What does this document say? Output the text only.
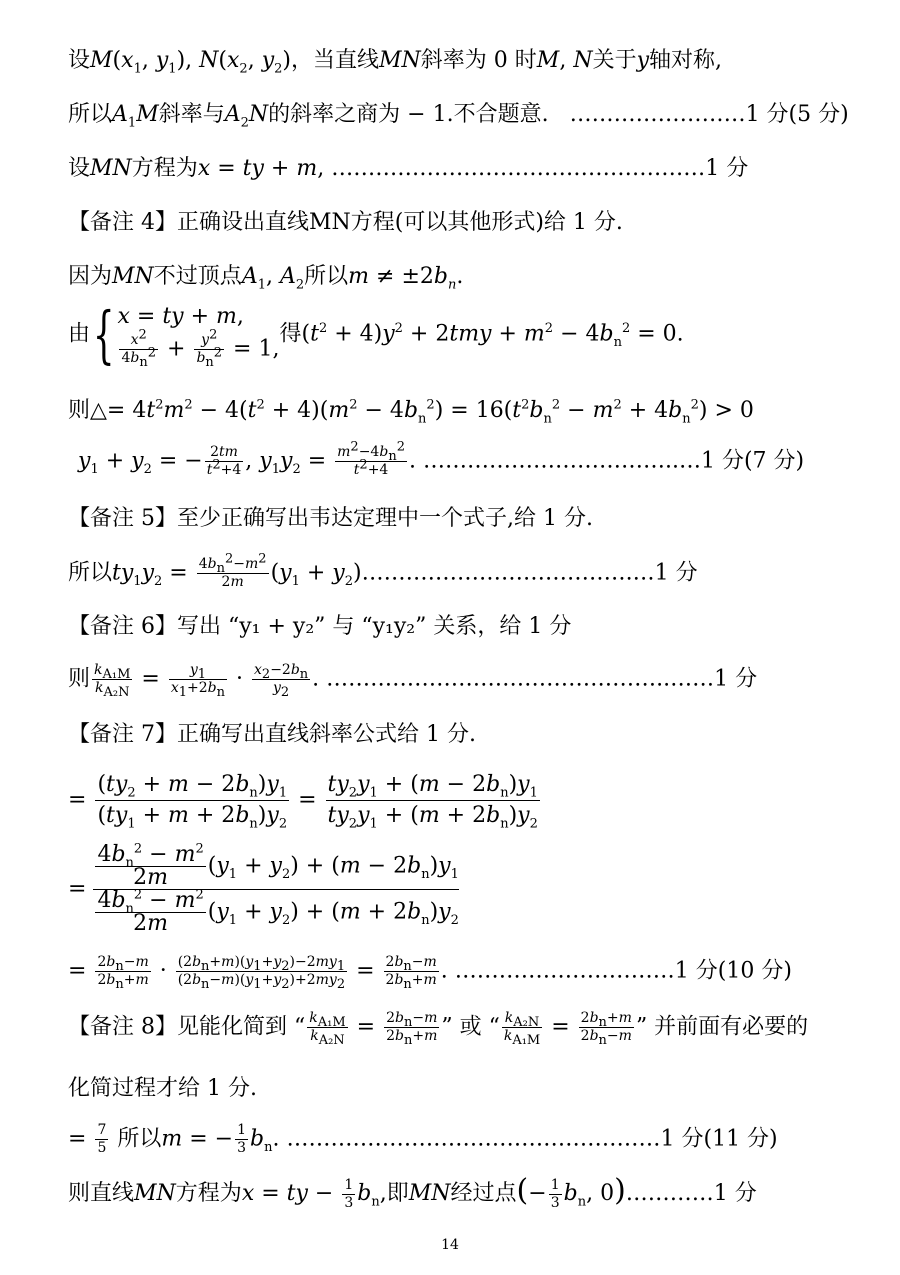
设$M(x_1$, $y_1$), $N(x_2$, $y_2$)，当直线MN斜率为 0 时M, N关于y轴对称,
所以$A_1M$斜率与$A_2N$的斜率之商为 − 1.不合题意. ……………………1 分(5 分)
设MN方程为x = ty + m, ……………………………………………1 分
【备注 4】正确设出直线MN方程(可以其他形式)给 1 分.
因为MN不过顶点$A_1$, $A_2$所以$m \ne \pm 2b_n$.
由{ x = ty + m,
$\frac{x^2}{4b_n^2} + \frac{y^2}{b_n^2} = 1$,
得$(t^2 + 4)y^2 + 2tmy + m^2 - 4b_n^2 = 0$.
则△= $4t^2m^2 - 4(t^2 + 4)(m^2 - 4b_n^2) = 16(t^2b_n^2 - m^2 + 4b_n^2) > 0$
$y_1 + y_2$ = − $\frac{2tm}{t^2+4}$ , $y_1y_2 = \frac{m^2-4b_n^2}{t^2+4}$ . ……………………………..…1 分(7 分)
【备注 5】至少正确写出韦达定理中一个式子,给 1 分.
所以$ty_1y_2 = \frac{4b_n^2-m^2}{2m} (y_1$ + $y_2)\dots\dots\dots\dots\dots\dots\dots\dots\dots\dots\dots\dots.\dots 1$ 分
【备注 6】写出 “y₁ + y₂” 与 “y₁y₂” 关系，给 1 分
则 $\frac{k_{A_1M}}{k_{A_2N}} = \frac{y_1}{x_1+2b_n} \cdot \frac{x_2-2b_n}{y_2}$ . ………………………………………..……1 分
【备注 7】正确写出直线斜率公式给 1 分.
= $\frac{(ty_2 + m - 2b_n)y_1}{(ty_1 + m + 2b_n)y_2} = \frac{ty_2y_1 + (m - 2b_n)y_1}{ty_2y_1 + (m + 2b_n)y_2}$
= $\frac{\frac{4b_n^2 - m^2}{2m} (y_1 + y_2) + (m - 2b_n)y_1}{\frac{4b_n^2 - m^2}{2m} (y_1 + y_2) + (m + 2b_n)y_2}$
= $\frac{2b_n-m}{2b_n+m} \cdot \frac{(2b_n+m)(y_1+y_2)-2my_1}{(2b_n-m)(y_1+y_2)+2my_2} = \frac{2b_n-m}{2b_n+m}$ . …………………………1 分(10 分)
【备注 8】见能化简到 “ $\frac{k_{A_1M}}{k_{A_2N}} = \frac{2b_n-m}{2b_n+m}$ ” 或 “ $\frac{k_{A_2N}}{k_{A_1M}} = \frac{2b_n+m}{2b_n-m}$ ” 并前面有必要的
化简过程才给 1 分.
= $\frac{7}{5}$ 所以m = − $\frac{1}{3} b_n$. ……………………………………………1 分(11 分)
则直线MN方程为x = ty − $\frac{1}{3} b_n$,即MN经过点(− $\frac{1}{3} b_n$, 0)…………1 分
14
